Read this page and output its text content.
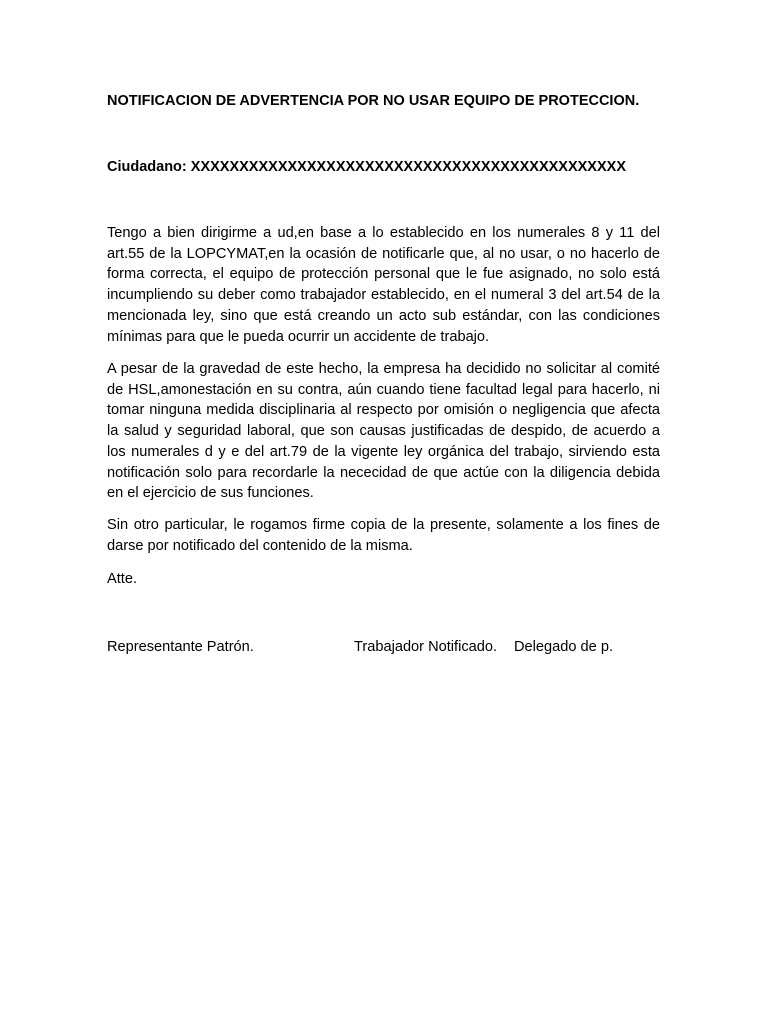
NOTIFICACION DE ADVERTENCIA POR NO USAR EQUIPO DE PROTECCION.
Ciudadano: XXXXXXXXXXXXXXXXXXXXXXXXXXXXXXXXXXXXXXXXXXXXX

Tengo a bien dirigirme a ud,en base a lo establecido en los numerales 8 y 11 del art.55 de la LOPCYMAT,en la ocasión de notificarle que, al no usar, o no hacerlo de forma correcta, el equipo de protección personal que le fue asignado, no solo está incumpliendo su deber como trabajador establecido, en el numeral 3 del art.54 de la mencionada ley, sino que está creando un acto sub estándar, con las condiciones mínimas para que le pueda ocurrir un accidente de trabajo.

A pesar de la gravedad de este hecho, la empresa ha decidido no solicitar al comité de HSL,amonestación en su contra, aún cuando tiene facultad legal para hacerlo, ni tomar ninguna medida disciplinaria al respecto por omisión o negligencia que afecta la salud y seguridad laboral, que son causas justificadas de despido, de acuerdo a los numerales d y e del art.79 de la vigente ley orgánica del trabajo, sirviendo esta notificación solo para recordarle la nececidad de que actúe con la diligencia debida en el ejercicio de sus funciones.

Sin otro particular, le rogamos firme copia de la presente, solamente a los fines de darse por notificado del contenido de la misma.

Atte.
Representante Patrón.	Trabajador Notificado. Delegado de p.
